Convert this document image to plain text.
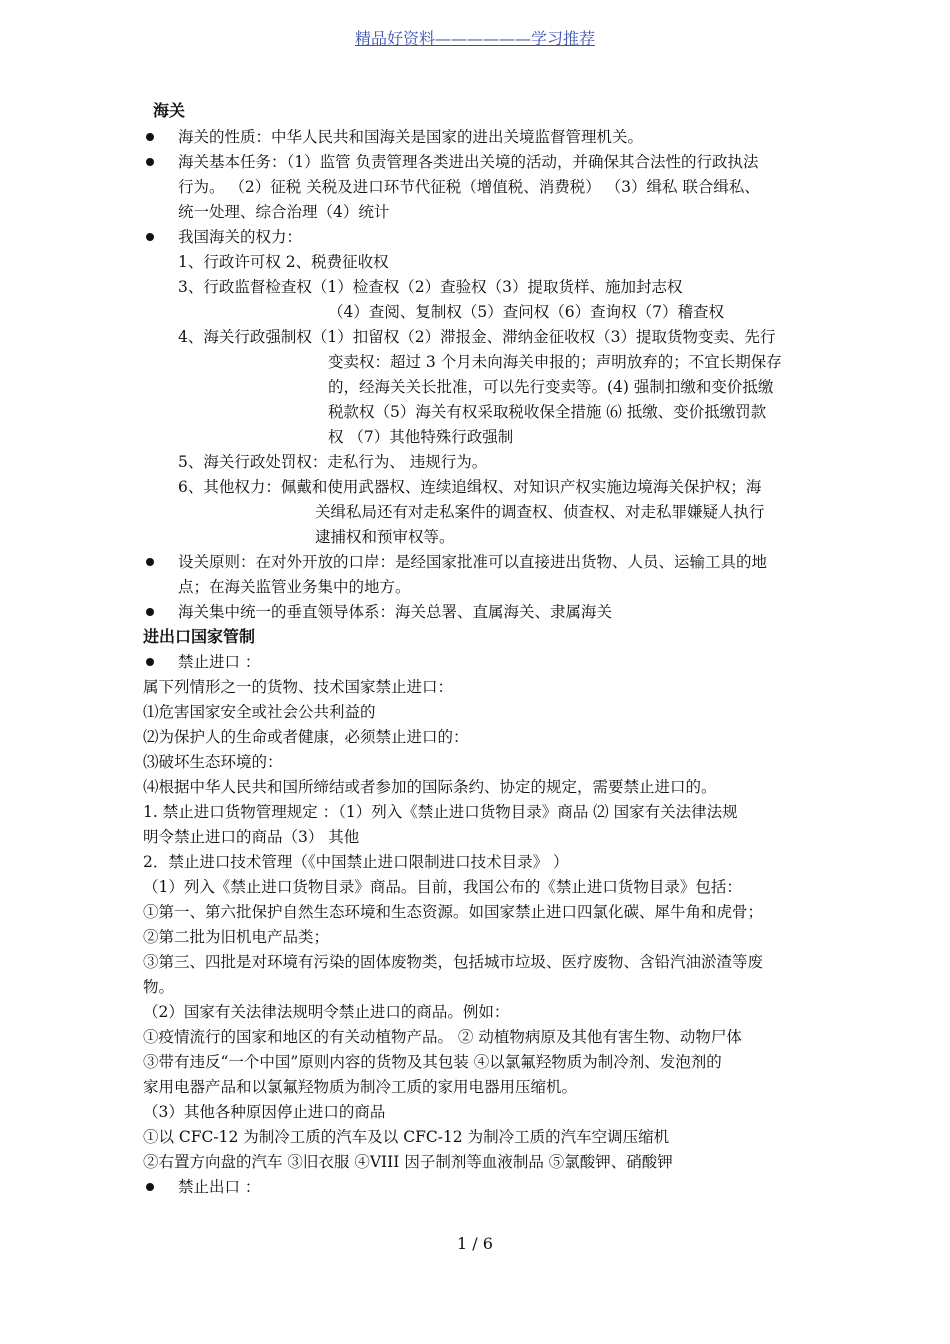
精品好资料——————学习推荐
海关
海关的性质：中华人民共和国海关是国家的进出关境监督管理机关。
海关基本任务：（1）监管 负责管理各类进出关境的活动，并确保其合法性的行政执法
行为。 （2）征税 关税及进口环节代征税（增值税、消费税） （3）缉私 联合缉私、
统一处理、综合治理（4）统计
我国海关的权力：
1、行政许可权 2、税费征收权
3、行政监督检查权（1）检查权（2）查验权（3）提取货样、施加封志权
（4）查阅、复制权（5）查问权（6）查询权（7）稽查权
4、海关行政强制权（1）扣留权（2）滞报金、滞纳金征收权（3）提取货物变卖、先行
变卖权：超过 3 个月未向海关申报的；声明放弃的；不宜长期保存
的，经海关关长批准，可以先行变卖等。(4) 强制扣缴和变价抵缴
税款权（5）海关有权采取税收保全措施 ⑹ 抵缴、变价抵缴罚款
权 （7）其他特殊行政强制
5、海关行政处罚权：走私行为、 违规行为。
6、其他权力：佩戴和使用武器权、连续追缉权、对知识产权实施边境海关保护权；海
关缉私局还有对走私案件的调查权、侦查权、对走私罪嫌疑人执行
逮捕权和预审权等。
设关原则：在对外开放的口岸：是经国家批准可以直接进出货物、人员、运输工具的地
点；在海关监管业务集中的地方。
海关集中统一的垂直领导体系：海关总署、直属海关、隶属海关
进出口国家管制
禁止进口 ：
属下列情形之一的货物、技术国家禁止进口：
⑴危害国家安全或社会公共利益的
⑵为保护人的生命或者健康，必须禁止进口的：
⑶破坏生态环境的：
⑷根据中华人民共和国所缔结或者参加的国际条约、协定的规定，需要禁止进口的。
1. 禁止进口货物管理规定 ：（1）列入《禁止进口货物目录》商品 ⑵ 国家有关法律法规
明令禁止进口的商品（3） 其他
2．禁止进口技术管理（《中国禁止进口限制进口技术目录》 ）
（1）列入《禁止进口货物目录》商品。目前，我国公布的《禁止进口货物目录》包括：
①第一、第六批保护自然生态环境和生态资源。如国家禁止进口四氯化碳、犀牛角和虎骨；
②第二批为旧机电产品类；
③第三、四批是对环境有污染的固体废物类，包括城市垃圾、医疗废物、含铅汽油淤渣等废
物。
（2）国家有关法律法规明令禁止进口的商品。例如：
①疫情流行的国家和地区的有关动植物产品。 ② 动植物病原及其他有害生物、动物尸体
③带有违反“一个中国”原则内容的货物及其包装 ④以氯氟羟物质为制冷剂、发泡剂的
家用电器产品和以氯氟羟物质为制冷工质的家用电器用压缩机。
（3）其他各种原因停止进口的商品
①以 CFC-12 为制冷工质的汽车及以 CFC-12 为制冷工质的汽车空调压缩机
②右置方向盘的汽车 ③旧衣服 ④VIII 因子制剂等血液制品 ⑤氯酸钾、硝酸钾
禁止出口 ：
1 / 6
